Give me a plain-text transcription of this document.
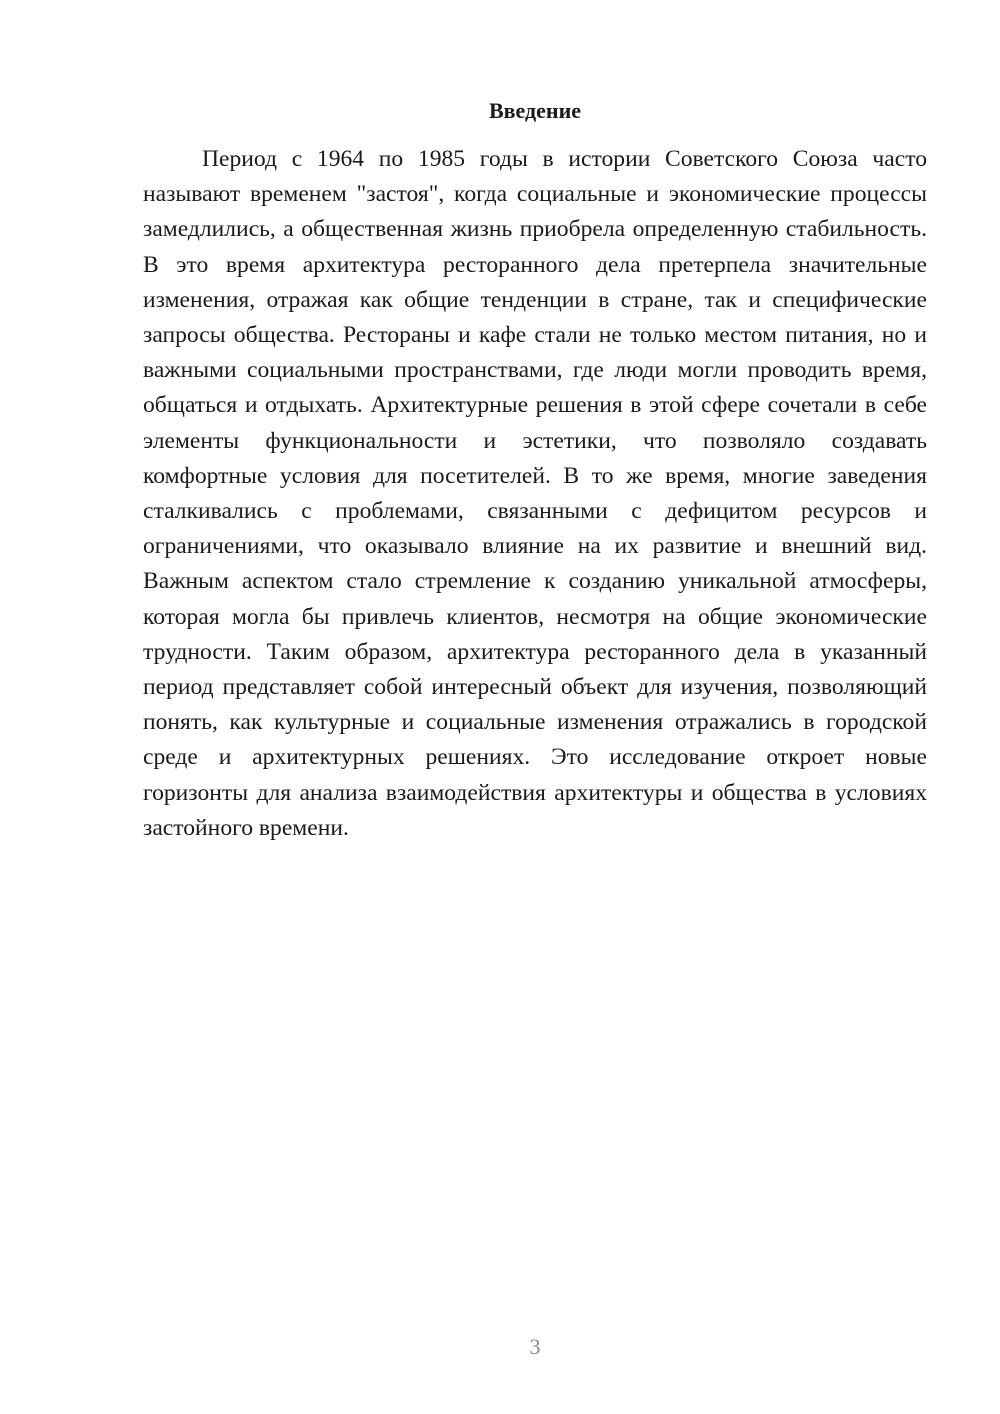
Введение

Период с 1964 по 1985 годы в истории Советского Союза часто называют временем "застоя", когда социальные и экономические процессы замедлились, а общественная жизнь приобрела определенную стабильность. В это время архитектура ресторанного дела претерпела значительные изменения, отражая как общие тенденции в стране, так и специфические запросы общества. Рестораны и кафе стали не только местом питания, но и важными социальными пространствами, где люди могли проводить время, общаться и отдыхать. Архитектурные решения в этой сфере сочетали в себе элементы функциональности и эстетики, что позволяло создавать комфортные условия для посетителей. В то же время, многие заведения сталкивались с проблемами, связанными с дефицитом ресурсов и ограничениями, что оказывало влияние на их развитие и внешний вид. Важным аспектом стало стремление к созданию уникальной атмосферы, которая могла бы привлечь клиентов, несмотря на общие экономические трудности. Таким образом, архитектура ресторанного дела в указанный период представляет собой интересный объект для изучения, позволяющий понять, как культурные и социальные изменения отражались в городской среде и архитектурных решениях. Это исследование откроет новые горизонты для анализа взаимодействия архитектуры и общества в условиях застойного времени.

3
